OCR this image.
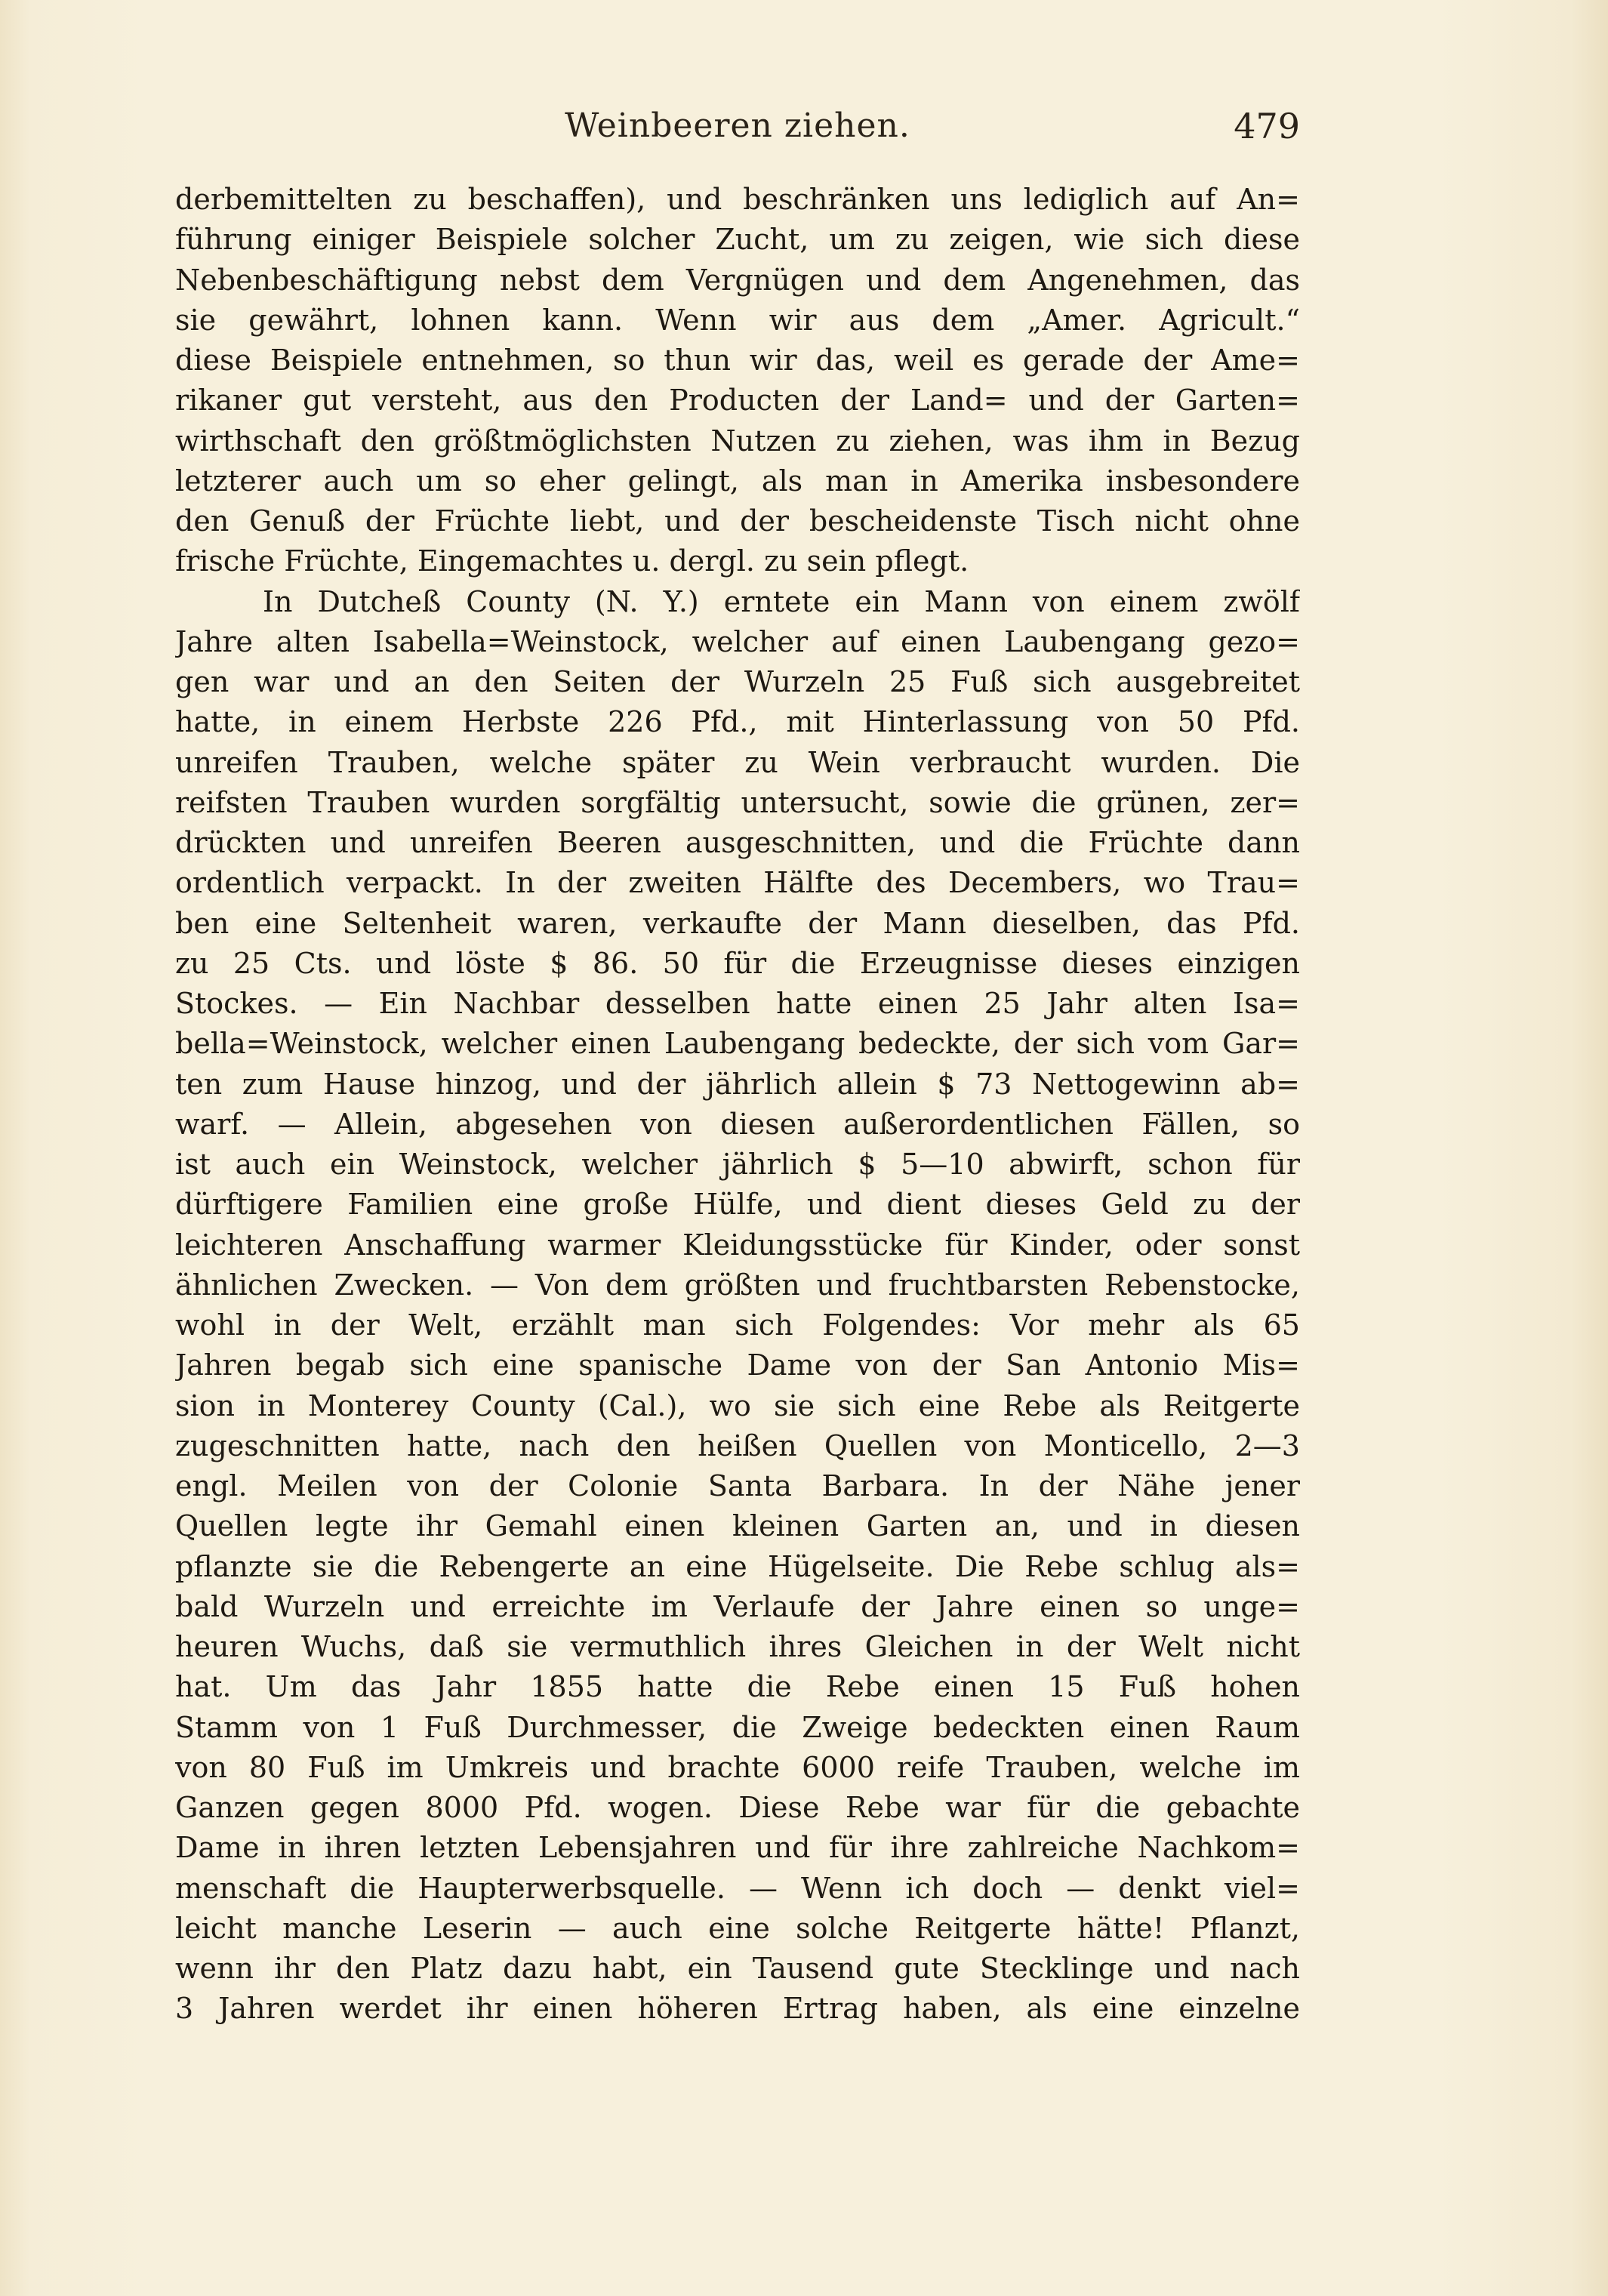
Weinbeeren ziehen.	479
derbemittelten zu beschaffen), und beschränken uns lediglich auf An=
führung einiger Beispiele solcher Zucht, um zu zeigen, wie sich diese
Nebenbeschäftigung nebst dem Vergnügen und dem Angenehmen, das
sie gewährt, lohnen kann. Wenn wir aus dem „Amer. Agricult.“
diese Beispiele entnehmen, so thun wir das, weil es gerade der Ame=
rikaner gut versteht, aus den Producten der Land= und der Garten=
wirthschaft den größtmöglichsten Nutzen zu ziehen, was ihm in Bezug
letzterer auch um so eher gelingt, als man in Amerika insbesondere
den Genuß der Früchte liebt, und der bescheidenste Tisch nicht ohne
frische Früchte, Eingemachtes u. dergl. zu sein pflegt.
In Dutcheß County (N. Y.) erntete ein Mann von einem zwölf
Jahre alten Isabella=Weinstock, welcher auf einen Laubengang gezo=
gen war und an den Seiten der Wurzeln 25 Fuß sich ausgebreitet
hatte, in einem Herbste 226 Pfd., mit Hinterlassung von 50 Pfd.
unreifen Trauben, welche später zu Wein verbraucht wurden. Die
reifsten Trauben wurden sorgfältig untersucht, sowie die grünen, zer=
drückten und unreifen Beeren ausgeschnitten, und die Früchte dann
ordentlich verpackt. In der zweiten Hälfte des Decembers, wo Trau=
ben eine Seltenheit waren, verkaufte der Mann dieselben, das Pfd.
zu 25 Cts. und löste $ 86. 50 für die Erzeugnisse dieses einzigen
Stockes. — Ein Nachbar desselben hatte einen 25 Jahr alten Isa=
bella=Weinstock, welcher einen Laubengang bedeckte, der sich vom Gar=
ten zum Hause hinzog, und der jährlich allein $ 73 Nettogewinn ab=
warf. — Allein, abgesehen von diesen außerordentlichen Fällen, so
ist auch ein Weinstock, welcher jährlich $ 5—10 abwirft, schon für
dürftigere Familien eine große Hülfe, und dient dieses Geld zu der
leichteren Anschaffung warmer Kleidungsstücke für Kinder, oder sonst
ähnlichen Zwecken. — Von dem größten und fruchtbarsten Rebenstocke,
wohl in der Welt, erzählt man sich Folgendes: Vor mehr als 65
Jahren begab sich eine spanische Dame von der San Antonio Mis=
sion in Monterey County (Cal.), wo sie sich eine Rebe als Reitgerte
zugeschnitten hatte, nach den heißen Quellen von Monticello, 2—3
engl. Meilen von der Colonie Santa Barbara. In der Nähe jener
Quellen legte ihr Gemahl einen kleinen Garten an, und in diesen
pflanzte sie die Rebengerte an eine Hügelseite. Die Rebe schlug als=
bald Wurzeln und erreichte im Verlaufe der Jahre einen so unge=
heuren Wuchs, daß sie vermuthlich ihres Gleichen in der Welt nicht
hat. Um das Jahr 1855 hatte die Rebe einen 15 Fuß hohen
Stamm von 1 Fuß Durchmesser, die Zweige bedeckten einen Raum
von 80 Fuß im Umkreis und brachte 6000 reife Trauben, welche im
Ganzen gegen 8000 Pfd. wogen. Diese Rebe war für die gebachte
Dame in ihren letzten Lebensjahren und für ihre zahlreiche Nachkom=
menschaft die Haupterwerbsquelle. — Wenn ich doch — denkt viel=
leicht manche Leserin — auch eine solche Reitgerte hätte! Pflanzt,
wenn ihr den Platz dazu habt, ein Tausend gute Stecklinge und nach
3 Jahren werdet ihr einen höheren Ertrag haben, als eine einzelne
